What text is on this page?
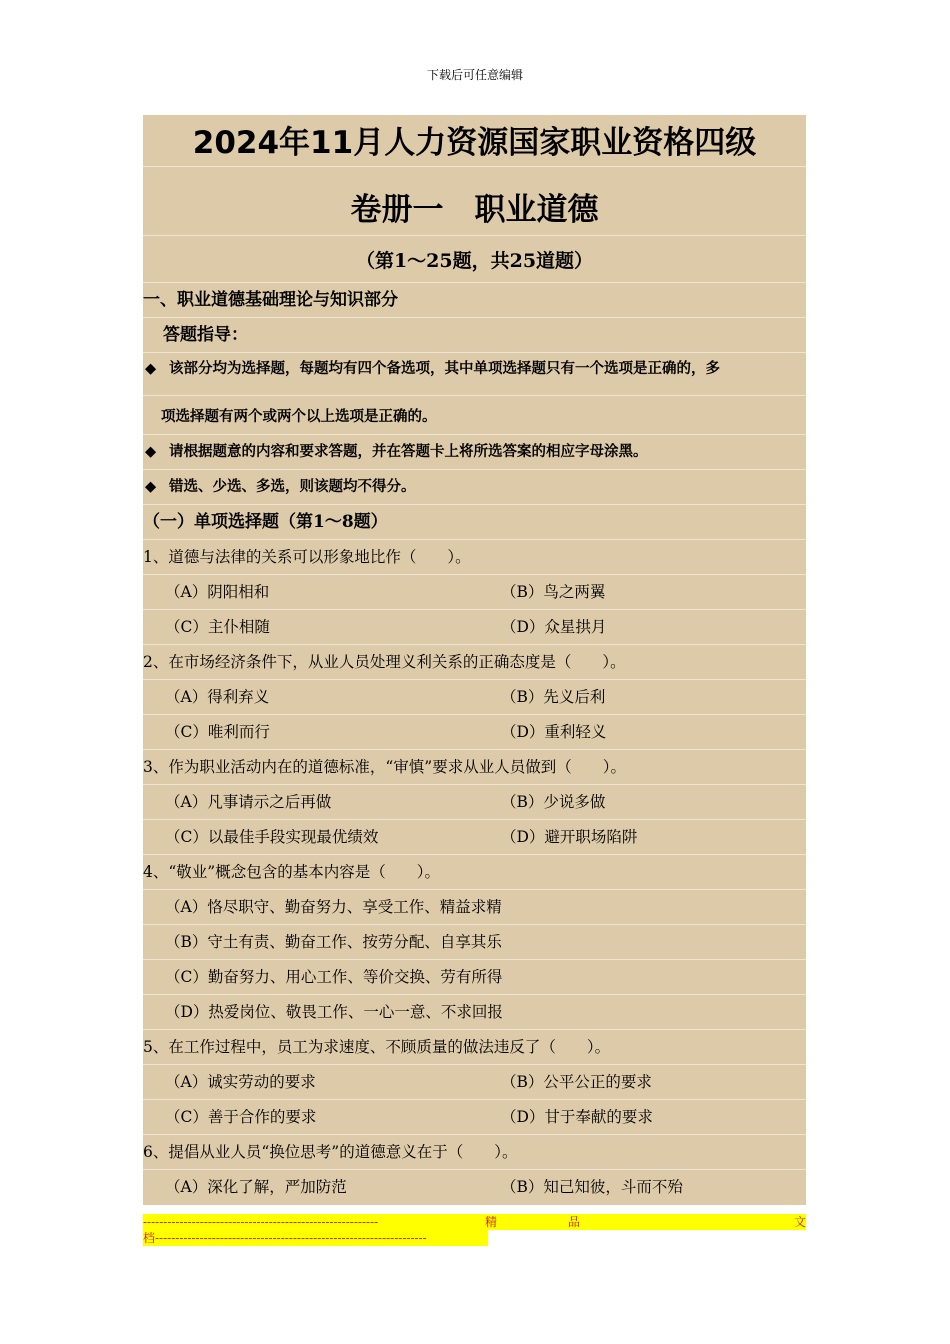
下载后可任意编辑
2024年11月人力资源国家职业资格四级
卷册一　职业道德
（第1～25题，共25道题）
一、职业道德基础理论与知识部分
答题指导：
◆ 该部分均为选择题，每题均有四个备选项，其中单项选择题只有一个选项是正确的，多
项选择题有两个或两个以上选项是正确的。
◆ 请根据题意的内容和要求答题，并在答题卡上将所选答案的相应字母涂黑。
◆ 错选、少选、多选，则该题均不得分。
（一）单项选择题（第1～8题）
1、道德与法律的关系可以形象地比作（　　）。
（A）阴阳相和	（B）鸟之两翼
（C）主仆相随	（D）众星拱月
2、在市场经济条件下，从业人员处理义利关系的正确态度是（　　）。
（A）得利弃义	（B）先义后利
（C）唯利而行	（D）重利轻义
3、作为职业活动内在的道德标准，“审慎”要求从业人员做到（　　）。
（A）凡事请示之后再做	（B）少说多做
（C）以最佳手段实现最优绩效	（D）避开职场陷阱
4、“敬业”概念包含的基本内容是（　　）。
（A）恪尽职守、勤奋努力、享受工作、精益求精
（B）守土有责、勤奋工作、按劳分配、自享其乐
（C）勤奋努力、用心工作、等价交换、劳有所得
（D）热爱岗位、敬畏工作、一心一意、不求回报
5、在工作过程中，员工为求速度、不顾质量的做法违反了（　　）。
（A）诚实劳动的要求	（B）公平公正的要求
（C）善于合作的要求	（D）甘于奉献的要求
6、提倡从业人员“换位思考”的道德意义在于（　　）。
（A）深化了解，严加防范	（B）知己知彼，斗而不殆
----------------------------------------------------------	精	品	文
档-------------------------------------------------------------------
